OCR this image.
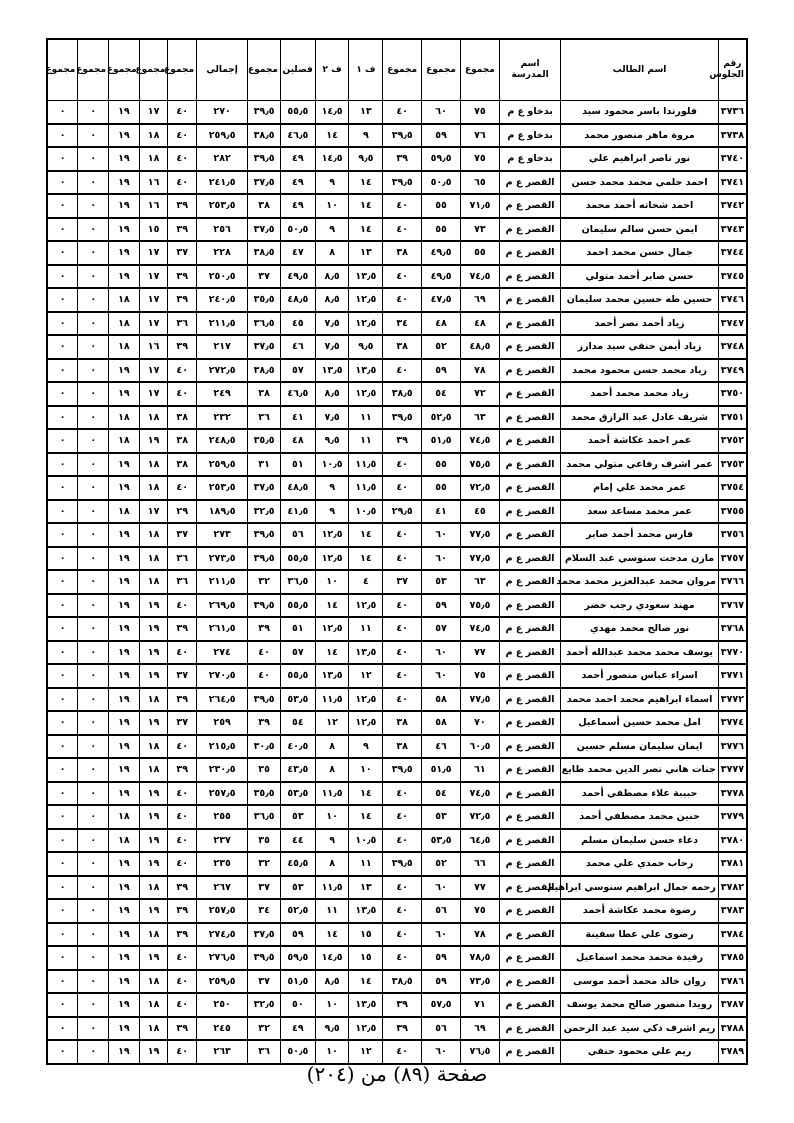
رقم الجلوس	اسم الطالب	اسم المدرسة	مجموع	مجموع	مجموع	ف ١	ف ٢	فصلين	مجموع	إجمالي	مجموع	مجموع	مجموع	مجموع	مجموع
٣٧٣٦	فلورندا باسر محمود سيد	بدخاو ع م	٧٥	٦٠	٤٠	١٣	١٤٫٥	٥٥٫٥	٣٩٫٥	٢٧٠	٤٠	١٧	١٩	٠	٠
٣٧٣٨	مروة ماهر منصور محمد	بدخاو ع م	٧٦	٥٩	٣٩٫٥	٩	١٤	٤٦٫٥	٣٨٫٥	٢٥٩٫٥	٤٠	١٨	١٩	٠	٠
٣٧٤٠	نور ناصر ابراهيم علي	بدخاو ع م	٧٥	٥٩٫٥	٣٩	٩٫٥	١٤٫٥	٤٩	٣٩٫٥	٢٨٢	٤٠	١٨	١٩	٠	٠
٣٧٤١	احمد حلمي محمد محمد حسن	القصر ع م	٦٥	٥٠٫٥	٣٩٫٥	١٤	٩	٤٩	٣٧٫٥	٢٤١٫٥	٤٠	١٦	١٩	٠	٠
٣٧٤٢	احمد شحاته أحمد محمد	القصر ع م	٧١٫٥	٥٥	٤٠	١٤	١٠	٤٩	٣٨	٢٥٣٫٥	٣٩	١٦	١٩	٠	٠
٣٧٤٣	ايمن حسن سالم سليمان	القصر ع م	٧٣	٥٥	٤٠	١٤	٩	٥٠٫٥	٣٧٫٥	٢٥٦	٣٩	١٥	١٩	٠	٠
٣٧٤٤	جمال حسن محمد احمد	القصر ع م	٥٥	٤٩٫٥	٣٨	١٣	٨	٤٧	٣٨٫٥	٢٢٨	٣٧	١٧	١٩	٠	٠
٣٧٤٥	حسن صابر أحمد متولي	القصر ع م	٧٤٫٥	٤٩٫٥	٤٠	١٣٫٥	٨٫٥	٤٩٫٥	٣٧	٢٥٠٫٥	٣٩	١٧	١٩	٠	٠
٣٧٤٦	حسين طه حسين محمد سليمان	القصر ع م	٦٩	٤٧٫٥	٤٠	١٢٫٥	٨٫٥	٤٨٫٥	٣٥٫٥	٢٤٠٫٥	٣٩	١٧	١٨	٠	٠
٣٧٤٧	زياد أحمد نصر أحمد	القصر ع م	٤٨	٤٨	٣٤	١٢٫٥	٧٫٥	٤٥	٣٦٫٥	٢١١٫٥	٣٦	١٧	١٨	٠	٠
٣٧٤٨	زياد أيمن حنفي سيد مدارز	القصر ع م	٤٨٫٥	٥٢	٣٨	٩٫٥	٧٫٥	٤٦	٣٧٫٥	٢١٧	٣٩	١٦	١٨	٠	٠
٣٧٤٩	زياد محمد حسن محمود محمد	القصر ع م	٧٨	٥٩	٤٠	١٣٫٥	١٣٫٥	٥٧	٣٨٫٥	٢٧٢٫٥	٤٠	١٧	١٩	٠	٠
٣٧٥٠	زياد محمد محمد أحمد	القصر ع م	٧٢	٥٤	٣٨٫٥	١٢٫٥	٨٫٥	٤٦٫٥	٣٨	٢٤٩	٤٠	١٧	١٩	٠	٠
٣٧٥١	شريف عادل عبد الرازق محمد	القصر ع م	٦٣	٥٢٫٥	٣٩٫٥	١١	٧٫٥	٤١	٣٦	٢٣٢	٣٨	١٨	١٨	٠	٠
٣٧٥٢	عمر احمد عكاشة أحمد	القصر ع م	٧٤٫٥	٥١٫٥	٣٩	١١	٩٫٥	٤٨	٣٥٫٥	٢٤٨٫٥	٣٨	١٩	١٨	٠	٠
٣٧٥٣	عمر اشرف رفاعي متولي محمد	القصر ع م	٧٥٫٥	٥٥	٤٠	١١٫٥	١٠٫٥	٥١	٣١	٢٥٩٫٥	٣٨	١٨	١٩	٠	٠
٣٧٥٤	عمر محمد علي إمام	القصر ع م	٧٢٫٥	٥٥	٤٠	١١٫٥	٩	٤٨٫٥	٣٧٫٥	٢٥٣٫٥	٤٠	١٨	١٩	٠	٠
٣٧٥٥	عمر محمد مساعد سعد	القصر ع م	٤٥	٤١	٢٩٫٥	١٠٫٥	٩	٤١٫٥	٣٢٫٥	١٨٩٫٥	٢٩	١٧	١٨	٠	٠
٣٧٥٦	فارس محمد أحمد صابر	القصر ع م	٧٧٫٥	٦٠	٤٠	١٤	١٢٫٥	٥٦	٣٩٫٥	٢٧٣	٣٧	١٨	١٩	٠	٠
٣٧٥٧	مازن مدحت سنوسي عبد السلام	القصر ع م	٧٧٫٥	٦٠	٤٠	١٤	١٢٫٥	٥٥٫٥	٣٩٫٥	٢٧٣٫٥	٣٦	١٨	١٩	٠	٠
٣٧٦٦	مروان محمد عبدالعزيز محمد محمد	القصر ع م	٦٣	٥٣	٣٧	٤	١٠	٣٦٫٥	٣٢	٢١١٫٥	٣٦	١٨	١٩	٠	٠
٣٧٦٧	مهند سعودي رجب خضر	القصر ع م	٧٥٫٥	٥٩	٤٠	١٢٫٥	١٤	٥٥٫٥	٣٩٫٥	٢٦٩٫٥	٤٠	١٩	١٩	٠	٠
٣٧٦٨	نور صالح محمد مهدي	القصر ع م	٧٤٫٥	٥٧	٤٠	١١	١٢٫٥	٥١	٣٩	٢٦١٫٥	٣٩	١٩	١٩	٠	٠
٣٧٧٠	يوسف محمد محمد عبدالله أحمد	القصر ع م	٧٧	٦٠	٤٠	١٣٫٥	١٤	٥٧	٤٠	٢٧٤	٤٠	١٩	١٩	٠	٠
٣٧٧١	اسراء عباس منصور أحمد	القصر ع م	٧٥	٦٠	٤٠	١٢	١٣٫٥	٥٥٫٥	٤٠	٢٧٠٫٥	٣٧	١٩	١٩	٠	٠
٣٧٧٢	اسماء ابراهيم محمد احمد محمد	القصر ع م	٧٧٫٥	٥٨	٤٠	١٢٫٥	١١٫٥	٥٣٫٥	٣٩٫٥	٢٦٤٫٥	٣٩	١٨	١٩	٠	٠
٣٧٧٤	امل محمد حسين أسماعيل	القصر ع م	٧٠	٥٨	٣٨	١٢٫٥	١٢	٥٤	٣٩	٢٥٩	٣٧	١٩	١٩	٠	٠
٣٧٧٦	ايمان سليمان مسلم حسين	القصر ع م	٦٠٫٥	٤٦	٣٨	٩	٨	٤٠٫٥	٣٠٫٥	٢١٥٫٥	٤٠	١٨	١٩	٠	٠
٣٧٧٧	جنات هاني نصر الدين محمد طايع	القصر ع م	٦١	٥١٫٥	٣٩٫٥	١٠	٨	٤٣٫٥	٣٥	٢٣٠٫٥	٣٩	١٨	١٩	٠	٠
٣٧٧٨	حبيبة علاء مصطفي أحمد	القصر ع م	٧٤٫٥	٥٤	٤٠	١٤	١١٫٥	٥٣٫٥	٣٥٫٥	٢٥٧٫٥	٤٠	١٩	١٩	٠	٠
٣٧٧٩	حنين محمد مصطفي أحمد	القصر ع م	٧٢٫٥	٥٣	٤٠	١٤	١٠	٥٣	٣٦٫٥	٢٥٥	٤٠	١٩	١٨	٠	٠
٣٧٨٠	دعاء حسن سليمان مسلم	القصر ع م	٦٤٫٥	٥٣٫٥	٤٠	١٠٫٥	٩	٤٤	٣٥	٢٣٧	٤٠	١٩	١٨	٠	٠
٣٧٨١	رحاب حمدي علي محمد	القصر ع م	٦٦	٥٢	٣٩٫٥	١١	٨	٤٥٫٥	٣٢	٢٣٥	٤٠	١٩	١٩	٠	٠
٣٧٨٢	رحمه جمال ابراهيم سنوسي ابراهيم	القصر ع م	٧٧	٦٠	٤٠	١٣	١١٫٥	٥٣	٣٧	٢٦٧	٣٩	١٨	١٩	٠	٠
٣٧٨٣	رضوة محمد عكاشة أحمد	القصر ع م	٧٥	٥٦	٤٠	١٣٫٥	١١	٥٢٫٥	٣٤	٢٥٧٫٥	٣٩	١٩	١٩	٠	٠
٣٧٨٤	رضوى علي عطا سفينة	القصر ع م	٧٨	٦٠	٤٠	١٥	١٤	٥٩	٣٧٫٥	٢٧٤٫٥	٣٩	١٨	١٩	٠	٠
٣٧٨٥	رفيدة محمد محمد اسماعيل	القصر ع م	٧٨٫٥	٥٩	٤٠	١٥	١٤٫٥	٥٩٫٥	٣٩٫٥	٢٧٦٫٥	٤٠	١٩	١٩	٠	٠
٣٧٨٦	روان خالد محمد أحمد موسى	القصر ع م	٧٣٫٥	٥٩	٣٨٫٥	١٤	٨٫٥	٥١٫٥	٣٧	٢٥٩٫٥	٤٠	١٨	١٩	٠	٠
٣٧٨٧	رويدا منصور صالح محمد يوسف	القصر ع م	٧١	٥٧٫٥	٣٩	١٣٫٥	١٠	٥٠	٣٢٫٥	٢٥٠	٤٠	١٨	١٩	٠	٠
٣٧٨٨	ريم اشرف ذكي سيد عبد الرحمن	القصر ع م	٦٩	٥٦	٣٩	١٢٫٥	٩٫٥	٤٩	٣٢	٢٤٥	٣٩	١٨	١٩	٠	٠
٣٧٨٩	ريم علي محمود حنفي	القصر ع م	٧٦٫٥	٦٠	٤٠	١٢	١٠	٥٠٫٥	٣٦	٢٦٣	٤٠	١٩	١٩	٠	٠
صفحة (٨٩) من (٢٠٤)
